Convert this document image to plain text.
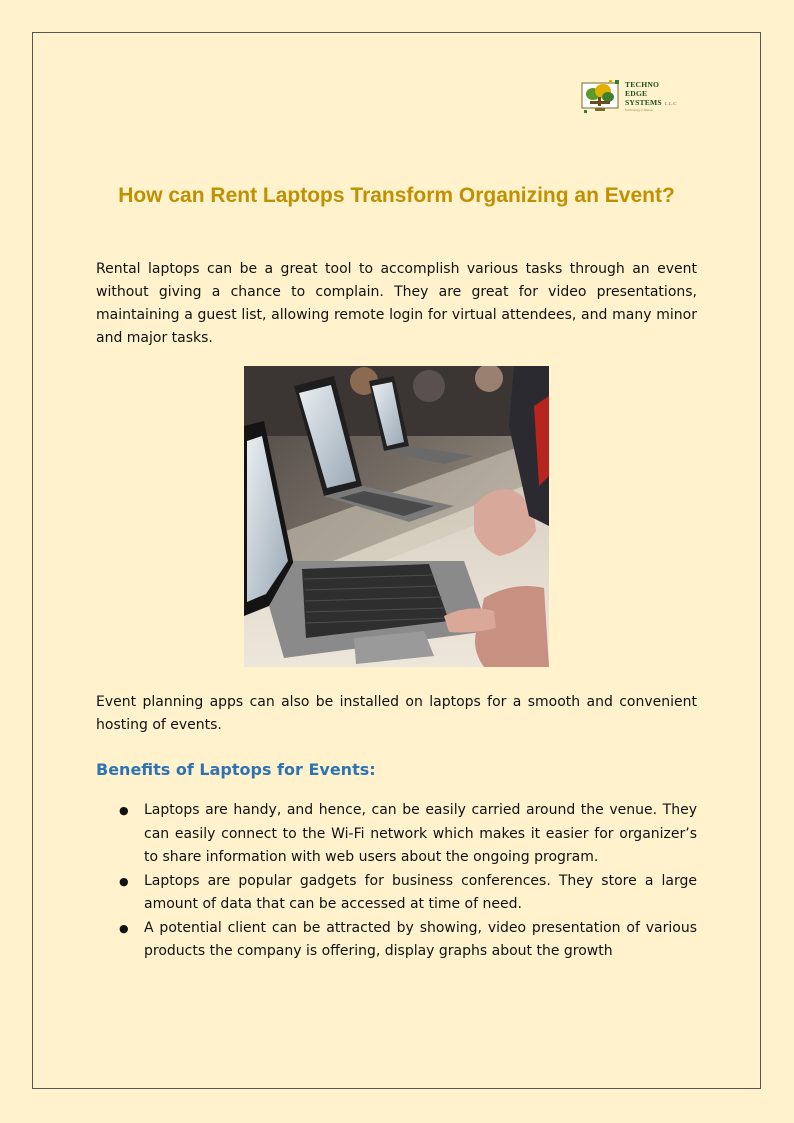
TECHNO
EDGE
SYSTEMS L.L.C
Technology in Motion
How can Rent Laptops Transform Organizing an Event?

Rental laptops can be a great tool to accomplish various tasks through an event without giving a chance to complain. They are great for video presentations, maintaining a guest list, allowing remote login for virtual attendees, and many minor and major tasks.

Event planning apps can also be installed on laptops for a smooth and convenient hosting of events.

Benefits of Laptops for Events:
● Laptops are handy, and hence, can be easily carried around the venue. They can easily connect to the Wi-Fi network which makes it easier for organizer’s to share information with web users about the ongoing program.
● Laptops are popular gadgets for business conferences. They store a large amount of data that can be accessed at time of need.
● A potential client can be attracted by showing, video presentation of various products the company is offering, display graphs about the growth
